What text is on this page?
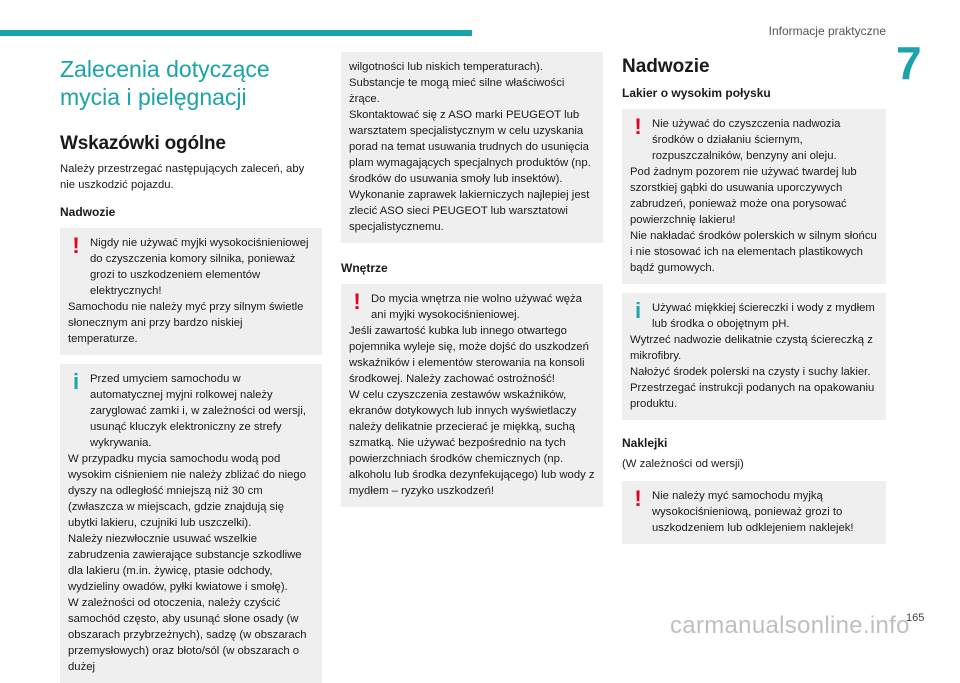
Informacje praktyczne
7
Zalecenia dotyczące mycia i pielęgnacji
Wskazówki ogólne
Należy przestrzegać następujących zaleceń, aby nie uszkodzić pojazdu.
Nadwozie
! Nigdy nie używać myjki wysokociśnieniowej do czyszczenia komory silnika, ponieważ grozi to uszkodzeniem elementów elektrycznych!
Samochodu nie należy myć przy silnym świetle słonecznym ani przy bardzo niskiej temperaturze.
i Przed umyciem samochodu w automatycznej myjni rolkowej należy zaryglować zamki i, w zależności od wersji, usunąć kluczyk elektroniczny ze strefy wykrywania.
W przypadku mycia samochodu wodą pod wysokim ciśnieniem nie należy zbliżać do niego dyszy na odległość mniejszą niż 30 cm (zwłaszcza w miejscach, gdzie znajdują się ubytki lakieru, czujniki lub uszczelki).
Należy niezwłocznie usuwać wszelkie zabrudzenia zawierające substancje szkodliwe dla lakieru (m.in. żywicę, ptasie odchody, wydzieliny owadów, pyłki kwiatowe i smołę).
W zależności od otoczenia, należy czyścić samochód często, aby usunąć słone osady (w obszarach przybrzeżnych), sadzę (w obszarach przemysłowych) oraz błoto/sól (w obszarach o dużej
wilgotności lub niskich temperaturach). Substancje te mogą mieć silne właściwości żrące.
Skontaktować się z ASO marki PEUGEOT lub warsztatem specjalistycznym w celu uzyskania porad na temat usuwania trudnych do usunięcia plam wymagających specjalnych produktów (np. środków do usuwania smoły lub insektów).
Wykonanie zaprawek lakierniczych najlepiej jest zlecić ASO sieci PEUGEOT lub warsztatowi specjalistycznemu.
Wnętrze
! Do mycia wnętrza nie wolno używać węża ani myjki wysokociśnieniowej.
Jeśli zawartość kubka lub innego otwartego pojemnika wyleje się, może dojść do uszkodzeń wskaźników i elementów sterowania na konsoli środkowej. Należy zachować ostrożność!
W celu czyszczenia zestawów wskaźników, ekranów dotykowych lub innych wyświetlaczy należy delikatnie przecierać je miękką, suchą szmatką. Nie używać bezpośrednio na tych powierzchniach środków chemicznych (np. alkoholu lub środka dezynfekującego) lub wody z mydłem – ryzyko uszkodzeń!
Nadwozie
Lakier o wysokim połysku
! Nie używać do czyszczenia nadwozia środków o działaniu ściernym, rozpuszczalników, benzyny ani oleju.
Pod żadnym pozorem nie używać twardej lub szorstkiej gąbki do usuwania uporczywych zabrudzeń, ponieważ może ona porysować powierzchnię lakieru!
Nie nakładać środków polerskich w silnym słońcu i nie stosować ich na elementach plastikowych bądź gumowych.
i Używać miękkiej ściereczki i wody z mydłem lub środka o obojętnym pH.
Wytrzeć nadwozie delikatnie czystą ściereczką z mikrofibry.
Nałożyć środek polerski na czysty i suchy lakier.
Przestrzegać instrukcji podanych na opakowaniu produktu.
Naklejki
(W zależności od wersji)
! Nie należy myć samochodu myjką wysokociśnieniową, ponieważ grozi to uszkodzeniem lub odklejeniem naklejek!
carmanualsonline.info
165
